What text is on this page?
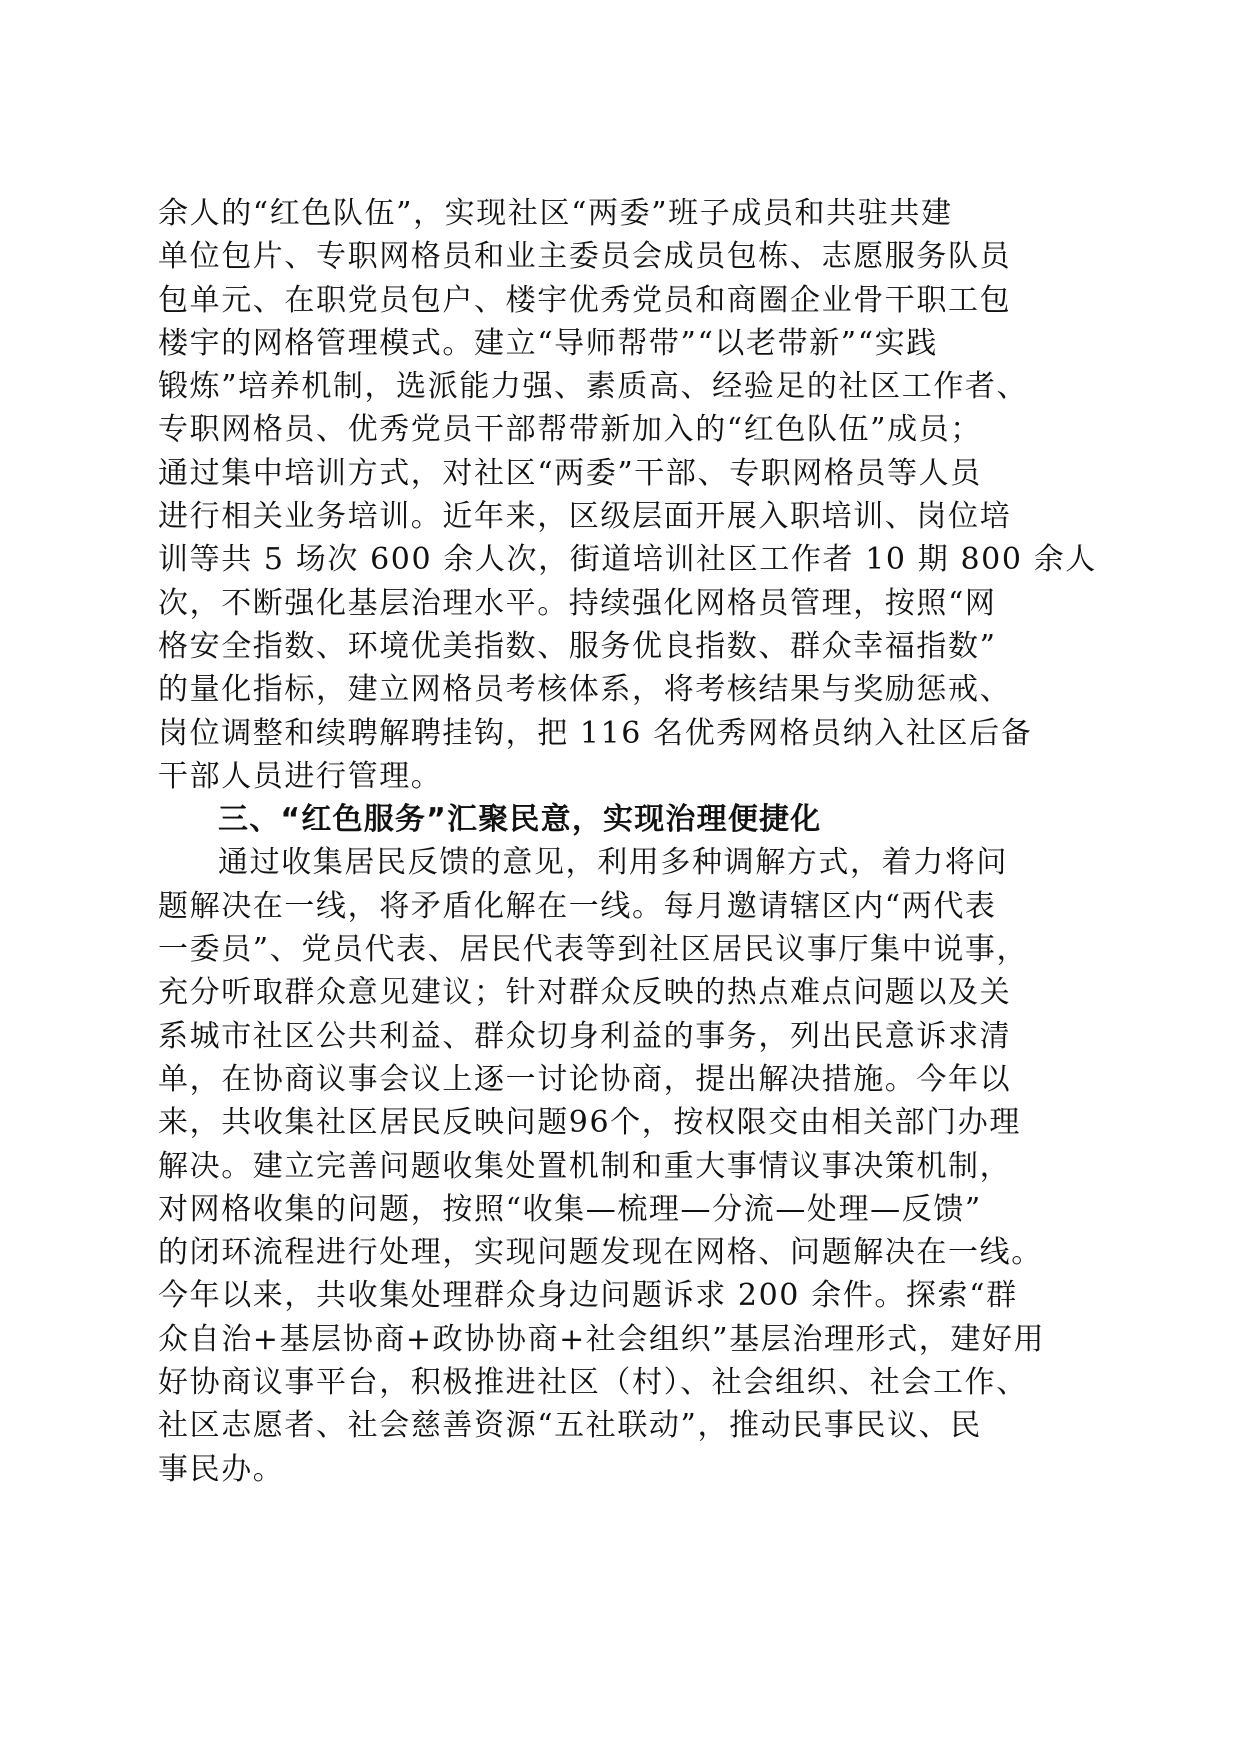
余人的“红色队伍”，实现社区“两委”班子成员和共驻共建
单位包片、专职网格员和业主委员会成员包栋、志愿服务队员
包单元、在职党员包户、楼宇优秀党员和商圈企业骨干职工包
楼宇的网格管理模式。建立“导师帮带”“以老带新”“实践
锻炼”培养机制，选派能力强、素质高、经验足的社区工作者、
专职网格员、优秀党员干部帮带新加入的“红色队伍”成员；
通过集中培训方式，对社区“两委”干部、专职网格员等人员
进行相关业务培训。近年来，区级层面开展入职培训、岗位培
训等共 5 场次 600 余人次，街道培训社区工作者 10 期 800 余人
次，不断强化基层治理水平。持续强化网格员管理，按照“网
格安全指数、环境优美指数、服务优良指数、群众幸福指数”
的量化指标，建立网格员考核体系，将考核结果与奖励惩戒、
岗位调整和续聘解聘挂钩，把 116 名优秀网格员纳入社区后备
干部人员进行管理。
三、“红色服务”汇聚民意，实现治理便捷化
通过收集居民反馈的意见，利用多种调解方式，着力将问
题解决在一线，将矛盾化解在一线。每月邀请辖区内“两代表
一委员”、党员代表、居民代表等到社区居民议事厅集中说事，
充分听取群众意见建议；针对群众反映的热点难点问题以及关
系城市社区公共利益、群众切身利益的事务，列出民意诉求清
单，在协商议事会议上逐一讨论协商，提出解决措施。今年以
来，共收集社区居民反映问题96个，按权限交由相关部门办理
解决。建立完善问题收集处置机制和重大事情议事决策机制，
对网格收集的问题，按照“收集—梳理—分流—处理—反馈”
的闭环流程进行处理，实现问题发现在网格、问题解决在一线。
今年以来，共收集处理群众身边问题诉求 200 余件。探索“群
众自治+基层协商+政协协商+社会组织”基层治理形式，建好用
好协商议事平台，积极推进社区（村）、社会组织、社会工作、
社区志愿者、社会慈善资源“五社联动”，推动民事民议、民
事民办。
